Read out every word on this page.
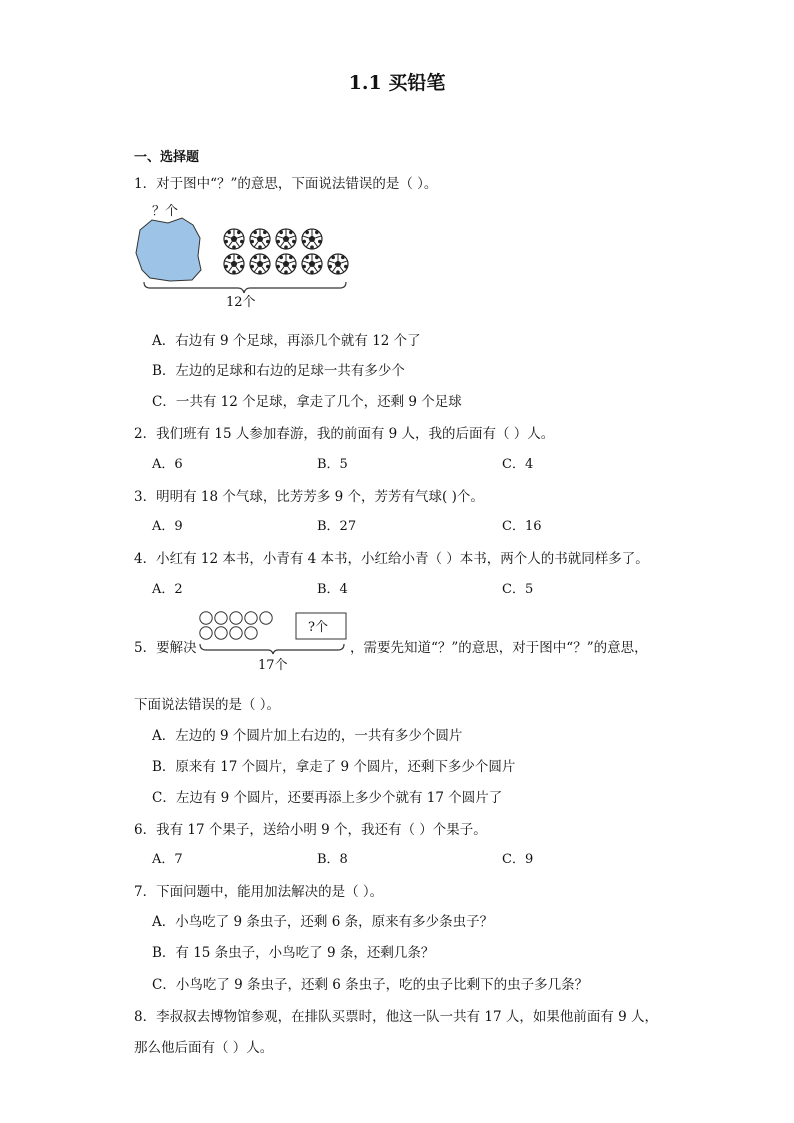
1.1 买铅笔
一、选择题
1．对于图中“？”的意思，下面说法错误的是（ ）。
？个
12个
A．右边有 9 个足球，再添几个就有 12 个了
B．左边的足球和右边的足球一共有多少个
C．一共有 12 个足球，拿走了几个，还剩 9 个足球
2．我们班有 15 人参加春游，我的前面有 9 人，我的后面有（ ）人。
A．6	B．5	C．4
3．明明有 18 个气球，比芳芳多 9 个，芳芳有气球( )个。
A．9	B．27	C．16
4．小红有 12 本书，小青有 4 本书，小红给小青（ ）本书，两个人的书就同样多了。
A．2	B．4	C．5
5．要解决
?个
17个
，需要先知道“？”的意思，对于图中“？”的意思，
下面说法错误的是（ ）。
A．左边的 9 个圆片加上右边的，一共有多少个圆片
B．原来有 17 个圆片，拿走了 9 个圆片，还剩下多少个圆片
C．左边有 9 个圆片，还要再添上多少个就有 17 个圆片了
6．我有 17 个果子，送给小明 9 个，我还有（ ）个果子。
A．7	B．8	C．9
7．下面问题中，能用加法解决的是（ ）。
A．小鸟吃了 9 条虫子，还剩 6 条，原来有多少条虫子？
B．有 15 条虫子，小鸟吃了 9 条，还剩几条？
C．小鸟吃了 9 条虫子，还剩 6 条虫子，吃的虫子比剩下的虫子多几条？
8．李叔叔去博物馆参观，在排队买票时，他这一队一共有 17 人，如果他前面有 9 人，
那么他后面有（ ）人。
